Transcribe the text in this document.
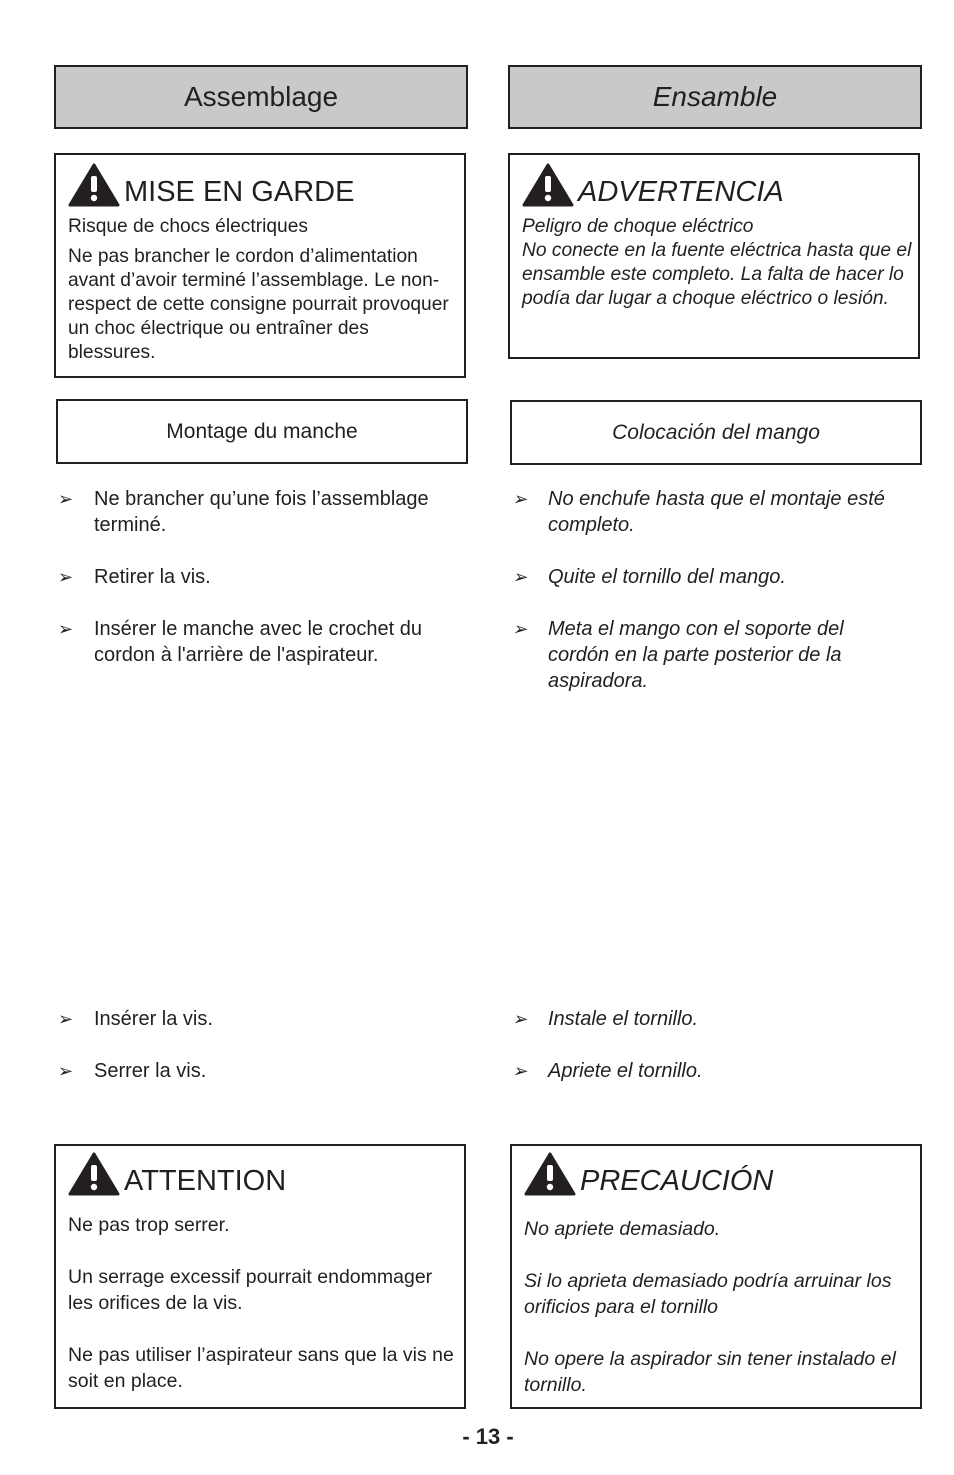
Assemblage	Ensamble
MISE EN GARDE
Risque de chocs électriques
Ne pas brancher le cordon d’alimentation avant d’avoir terminé l’assemblage. Le non-respect de cette consigne pourrait provoquer un choc électrique ou entraîner des blessures.
ADVERTENCIA
Peligro de choque eléctrico
No conecte en la fuente eléctrica hasta que el ensamble este completo. La falta de hacer lo podía dar lugar a choque eléctrico o lesión.
Montage du manche	Colocación del mango
➢	Ne brancher qu’une fois l’assemblage terminé.
➢	Retirer la vis.
➢	Insérer le manche avec le crochet du cordon à l'arrière de l'aspirateur.
➢	No enchufe hasta que el montaje esté completo.
➢	Quite el tornillo del mango.
➢	Meta el mango con el soporte del cordón en la parte posterior de la aspiradora.
➢	Insérer la vis.
➢	Serrer la vis.
➢	Instale el tornillo.
➢	Apriete el tornillo.
ATTENTION
Ne pas trop serrer.
Un serrage excessif pourrait endommager les orifices de la vis.
Ne pas utiliser l’aspirateur sans que la vis ne soit en place.
PRECAUCIÓN
No apriete demasiado.
Si lo aprieta demasiado podría arruinar los orificios para el tornillo
No opere la aspirador sin tener instalado el tornillo.
- 13 -
